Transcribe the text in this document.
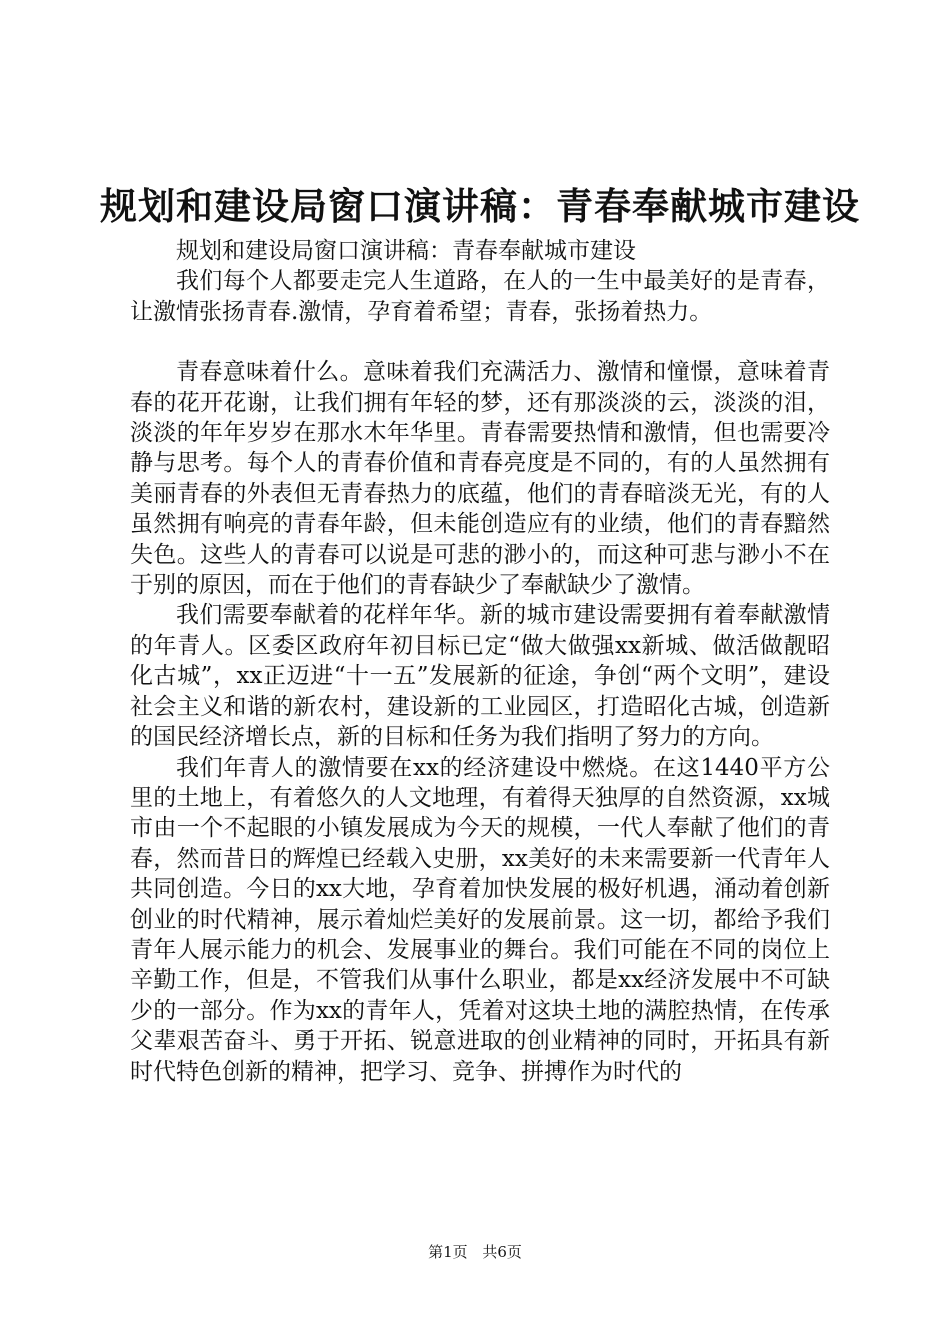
规划和建设局窗口演讲稿：青春奉献城市建设

规划和建设局窗口演讲稿：青春奉献城市建设

我们每个人都要走完人生道路，在人的一生中最美好的是青春，让激情张扬青春.激情，孕育着希望；青春，张扬着热力。

青春意味着什么。意味着我们充满活力、激情和憧憬，意味着青春的花开花谢，让我们拥有年轻的梦，还有那淡淡的云，淡淡的泪，淡淡的年年岁岁在那水木年华里。青春需要热情和激情，但也需要冷静与思考。每个人的青春价值和青春亮度是不同的，有的人虽然拥有美丽青春的外表但无青春热力的底蕴，他们的青春暗淡无光，有的人虽然拥有响亮的青春年龄，但未能创造应有的业绩，他们的青春黯然失色。这些人的青春可以说是可悲的渺小的，而这种可悲与渺小不在于别的原因，而在于他们的青春缺少了奉献缺少了激情。

我们需要奉献着的花样年华。新的城市建设需要拥有着奉献激情的年青人。区委区政府年初目标已定“做大做强xx新城、做活做靓昭化古城”，xx正迈进“十一五”发展新的征途，争创“两个文明”，建设社会主义和谐的新农村，建设新的工业园区，打造昭化古城，创造新的国民经济增长点，新的目标和任务为我们指明了努力的方向。

我们年青人的激情要在xx的经济建设中燃烧。在这1440平方公里的土地上，有着悠久的人文地理，有着得天独厚的自然资源，xx城市由一个不起眼的小镇发展成为今天的规模，一代人奉献了他们的青春，然而昔日的辉煌已经载入史册，xx美好的未来需要新一代青年人共同创造。今日的xx大地，孕育着加快发展的极好机遇，涌动着创新创业的时代精神，展示着灿烂美好的发展前景。这一切，都给予我们青年人展示能力的机会、发展事业的舞台。我们可能在不同的岗位上辛勤工作，但是，不管我们从事什么职业，都是xx经济发展中不可缺少的一部分。作为xx的青年人，凭着对这块土地的满腔热情，在传承父辈艰苦奋斗、勇于开拓、锐意进取的创业精神的同时，开拓具有新时代特色创新的精神，把学习、竞争、拼搏作为时代的

第1页 共6页
